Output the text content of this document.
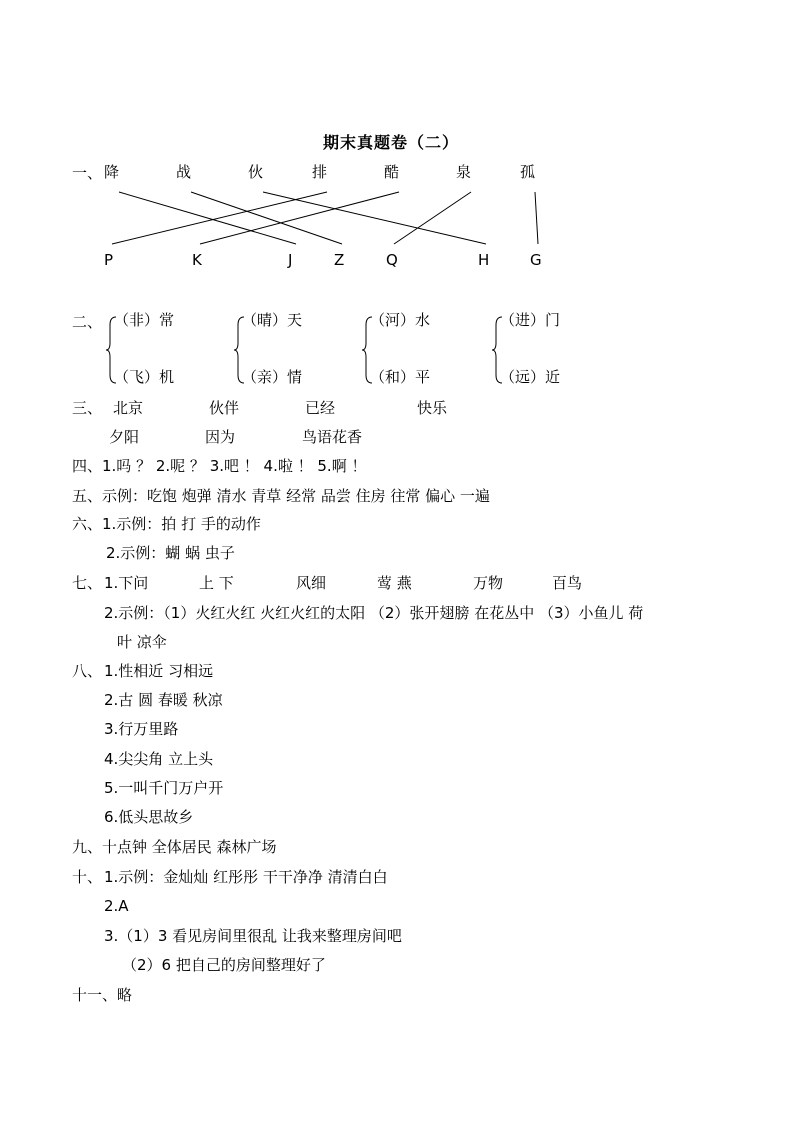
期末真题卷（二）
一、 降	战	伙	排	酷	泉	孤
P	K	J	Z	Q	H	G
二、 （非）常
（飞）机
（晴）天
（亲）情
（河）水
（和）平
（进）门
（远）近
三、 北京	伙伴	已经	快乐
夕阳	因为	鸟语花香
四、1.吗 ？ 2.呢 ？ 3.吧 ！ 4.啦 ！ 5.啊 ！
五、示例：吃饱 炮弹 清水 青草 经常 品尝 住房 往常 偏心 一遍
六、1.示例：拍 打 手的动作
2.示例：蝴 蜗 虫子
七、 1.下问	上 下	风细	莺 燕	万物	百鸟
2.示例：（1）火红火红 火红火红的太阳 （2）张开翅膀 在花丛中 （3）小鱼儿 荷
叶 凉伞
八、 1.性相近 习相远
2.古 圆 春暖 秋凉
3.行万里路
4.尖尖角 立上头
5.一叫千门万户开
6.低头思故乡
九、十点钟 全体居民 森林广场
十、 1.示例：金灿灿 红彤彤 干干净净 清清白白
2.A
3.（1）3 看见房间里很乱 让我来整理房间吧
（2）6 把自己的房间整理好了
十一、略
